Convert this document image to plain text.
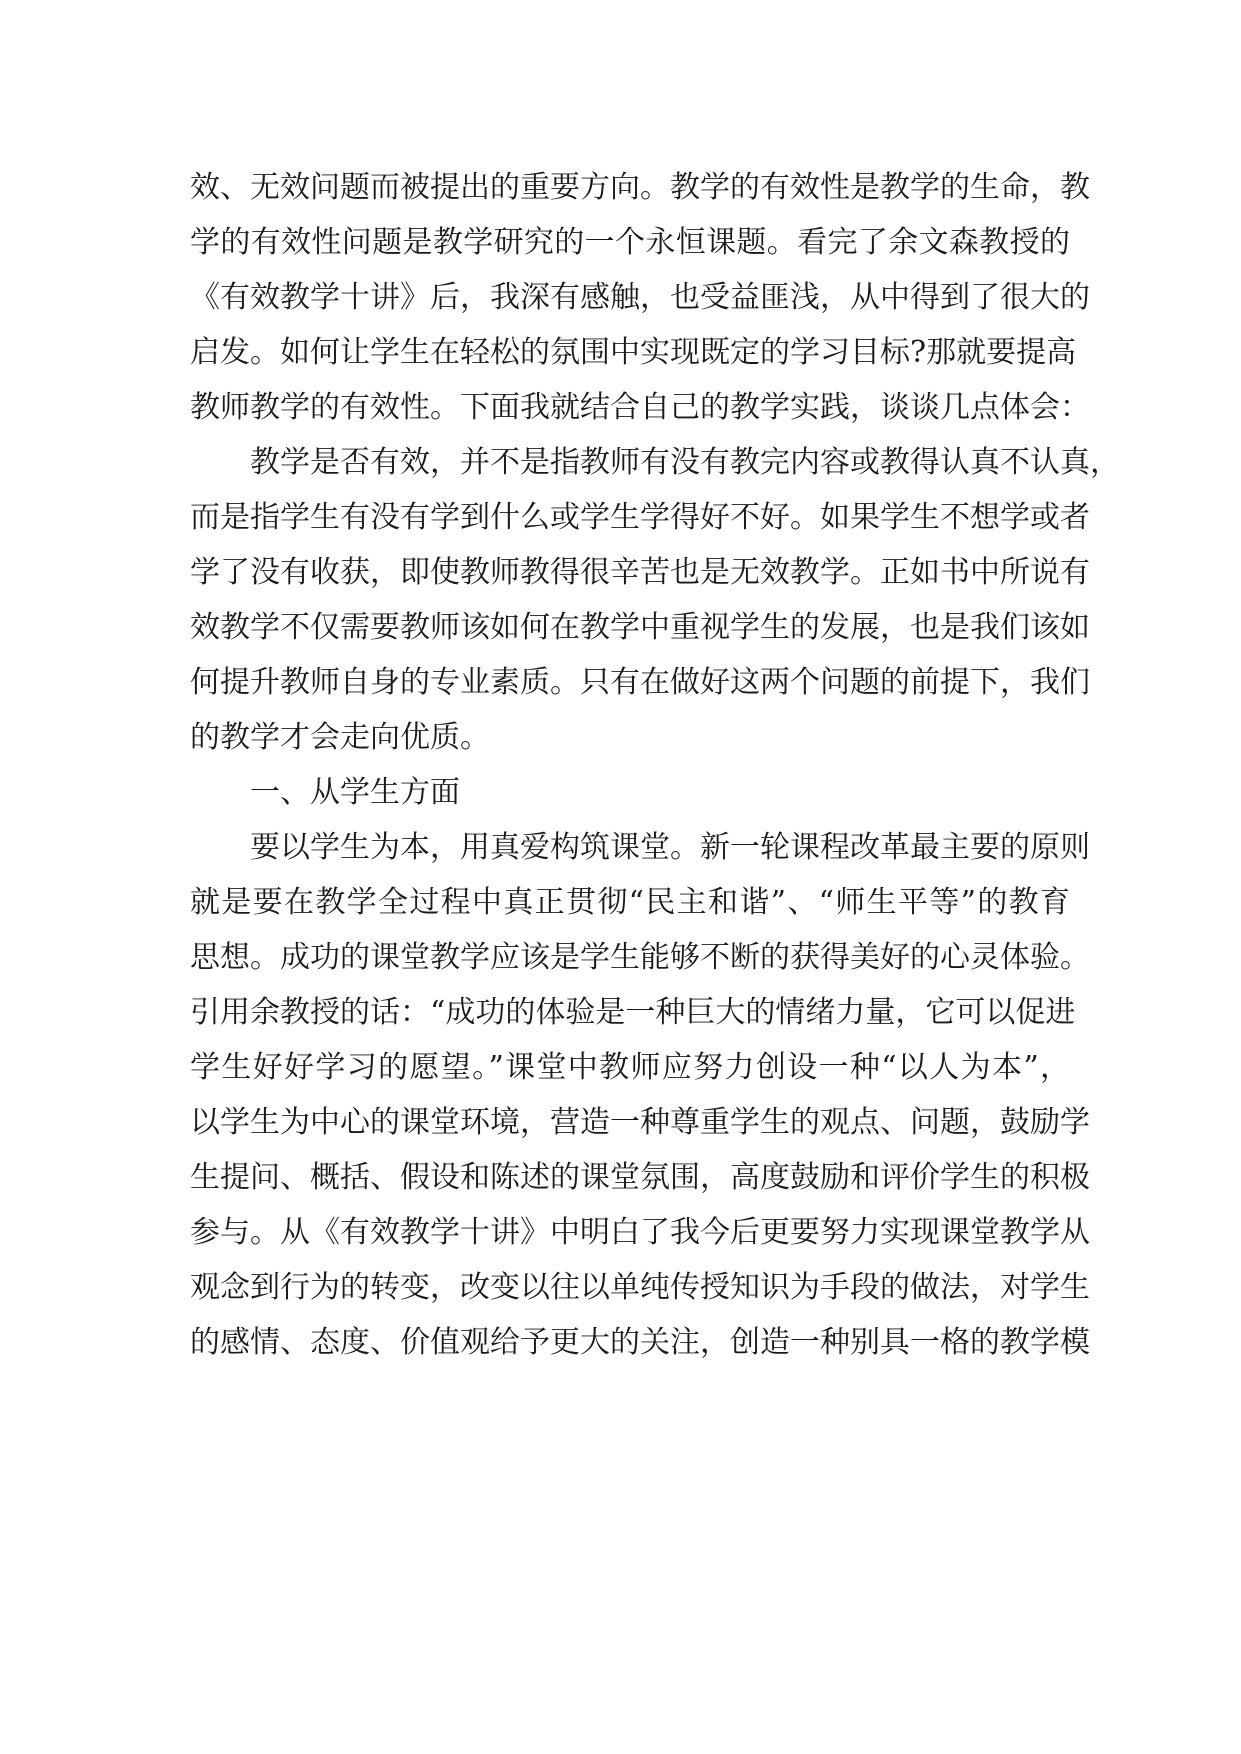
效、无效问题而被提出的重要方向。教学的有效性是教学的生命，教
学的有效性问题是教学研究的一个永恒课题。看完了余文森教授的
《有效教学十讲》后，我深有感触，也受益匪浅，从中得到了很大的
启发。如何让学生在轻松的氛围中实现既定的学习目标?那就要提高
教师教学的有效性。下面我就结合自己的教学实践，谈谈几点体会：
教学是否有效，并不是指教师有没有教完内容或教得认真不认真，
而是指学生有没有学到什么或学生学得好不好。如果学生不想学或者
学了没有收获，即使教师教得很辛苦也是无效教学。正如书中所说有
效教学不仅需要教师该如何在教学中重视学生的发展，也是我们该如
何提升教师自身的专业素质。只有在做好这两个问题的前提下，我们
的教学才会走向优质。
一、从学生方面
要以学生为本，用真爱构筑课堂。新一轮课程改革最主要的原则
就是要在教学全过程中真正贯彻“民主和谐”、“师生平等”的教育
思想。成功的课堂教学应该是学生能够不断的获得美好的心灵体验。
引用余教授的话：“成功的体验是一种巨大的情绪力量，它可以促进
学生好好学习的愿望。”课堂中教师应努力创设一种“以人为本”，
以学生为中心的课堂环境，营造一种尊重学生的观点、问题，鼓励学
生提问、概括、假设和陈述的课堂氛围，高度鼓励和评价学生的积极
参与。从《有效教学十讲》中明白了我今后更要努力实现课堂教学从
观念到行为的转变，改变以往以单纯传授知识为手段的做法，对学生
的感情、态度、价值观给予更大的关注，创造一种别具一格的教学模
